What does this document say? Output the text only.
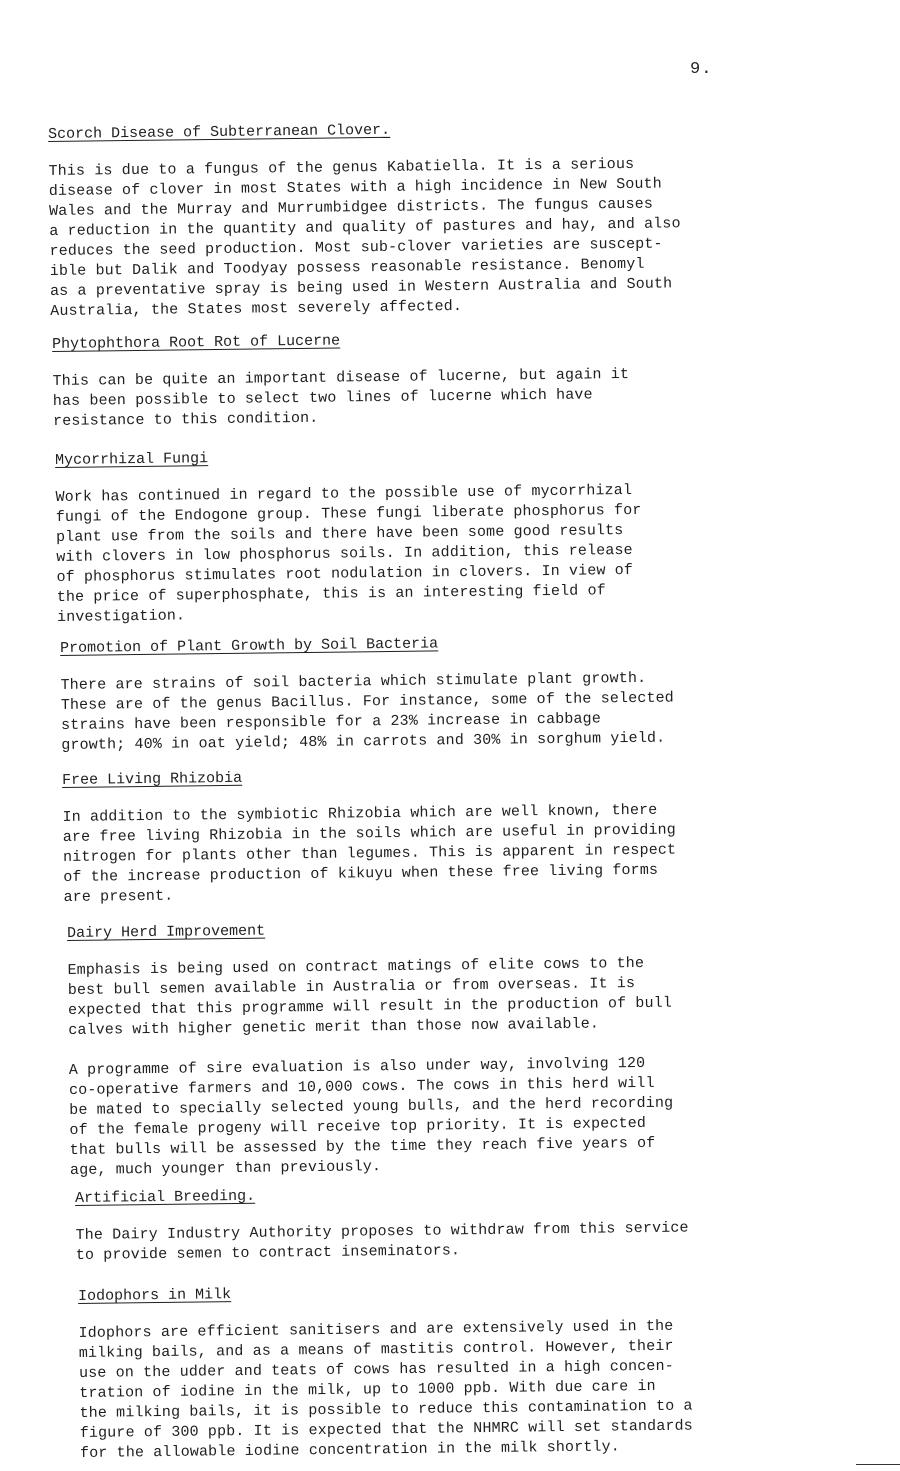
9.
Scorch Disease of Subterranean Clover.
This is due to a fungus of the genus Kabatiella. It is a serious
disease of clover in most States with a high incidence in New South
Wales and the Murray and Murrumbidgee districts. The fungus causes
a reduction in the quantity and quality of pastures and hay, and also
reduces the seed production. Most sub-clover varieties are suscept-
ible but Dalik and Toodyay possess reasonable resistance. Benomyl
as a preventative spray is being used in Western Australia and South
Australia, the States most severely affected.
Phytophthora Root Rot of Lucerne
This can be quite an important disease of lucerne, but again it
has been possible to select two lines of lucerne which have
resistance to this condition.
Mycorrhizal Fungi
Work has continued in regard to the possible use of mycorrhizal
fungi of the Endogone group. These fungi liberate phosphorus for
plant use from the soils and there have been some good results
with clovers in low phosphorus soils. In addition, this release
of phosphorus stimulates root nodulation in clovers. In view of
the price of superphosphate, this is an interesting field of
investigation.
Promotion of Plant Growth by Soil Bacteria
There are strains of soil bacteria which stimulate plant growth.
These are of the genus Bacillus. For instance, some of the selected
strains have been responsible for a 23% increase in cabbage
growth; 40% in oat yield; 48% in carrots and 30% in sorghum yield.
Free Living Rhizobia
In addition to the symbiotic Rhizobia which are well known, there
are free living Rhizobia in the soils which are useful in providing
nitrogen for plants other than legumes. This is apparent in respect
of the increase production of kikuyu when these free living forms
are present.
Dairy Herd Improvement
Emphasis is being used on contract matings of elite cows to the
best bull semen available in Australia or from overseas. It is
expected that this programme will result in the production of bull
calves with higher genetic merit than those now available.
A programme of sire evaluation is also under way, involving 120
co-operative farmers and 10,000 cows. The cows in this herd will
be mated to specially selected young bulls, and the herd recording
of the female progeny will receive top priority. It is expected
that bulls will be assessed by the time they reach five years of
age, much younger than previously.
Artificial Breeding.
The Dairy Industry Authority proposes to withdraw from this service
to provide semen to contract inseminators.
Iodophors in Milk
Idophors are efficient sanitisers and are extensively used in the
milking bails, and as a means of mastitis control. However, their
use on the udder and teats of cows has resulted in a high concen-
tration of iodine in the milk, up to 1000 ppb. With due care in
the milking bails, it is possible to reduce this contamination to a
figure of 300 ppb. It is expected that the NHMRC will set standards
for the allowable iodine concentration in the milk shortly.
